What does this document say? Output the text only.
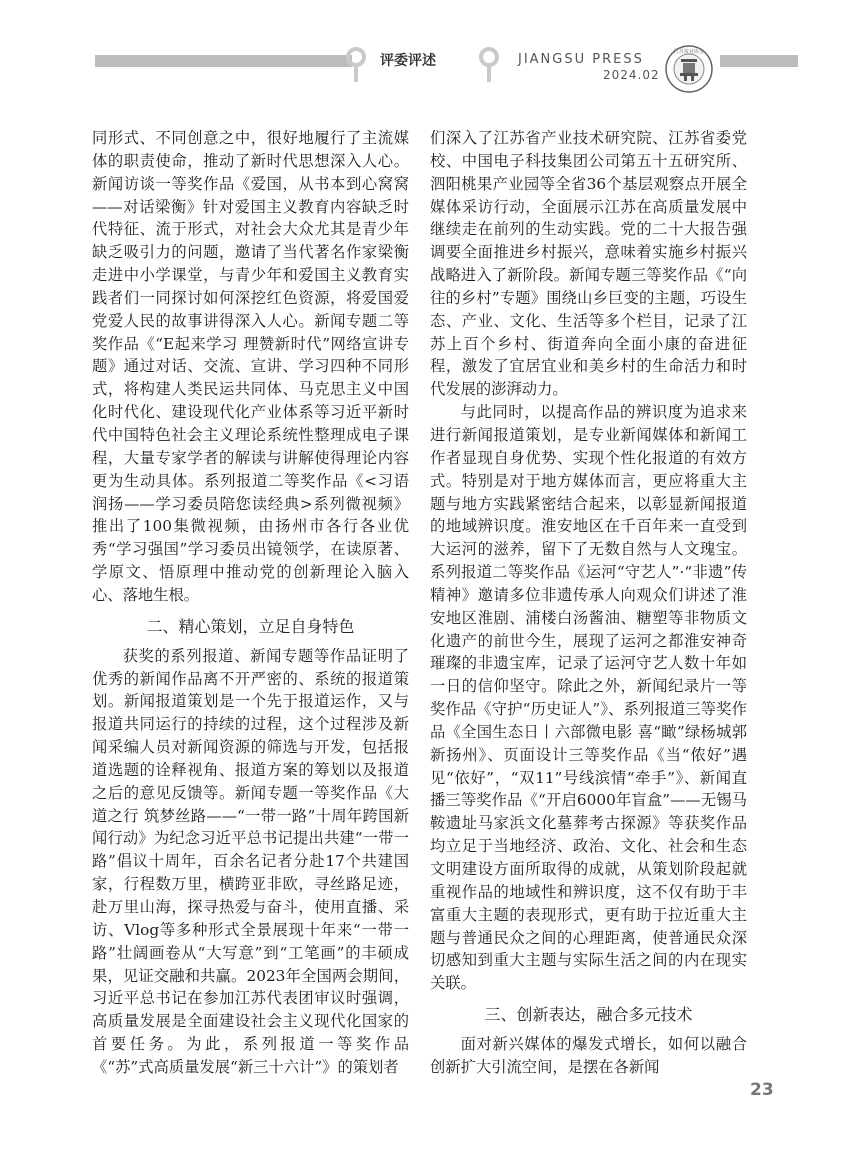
评委评述	JIANGSU PRESS
2024.02
江苏报业协会

同形式、不同创意之中，很好地履行了主流媒体的职责使命，推动了新时代思想深入人心。新闻访谈一等奖作品《爱国，从书本到心窝窝——对话梁衡》针对爱国主义教育内容缺乏时代特征、流于形式，对社会大众尤其是青少年缺乏吸引力的问题，邀请了当代著名作家梁衡走进中小学课堂，与青少年和爱国主义教育实践者们一同探讨如何深挖红色资源，将爱国爱党爱人民的故事讲得深入人心。新闻专题二等奖作品《“E起来学习 理赞新时代”网络宣讲专题》通过对话、交流、宣讲、学习四种不同形式，将构建人类民运共同体、马克思主义中国化时代化、建设现代化产业体系等习近平新时代中国特色社会主义理论系统性整理成电子课程，大量专家学者的解读与讲解使得理论内容更为生动具体。系列报道二等奖作品《<习语润扬——学习委员陪您读经典>系列微视频》推出了100集微视频，由扬州市各行各业优秀“学习强国”学习委员出镜领学，在读原著、学原文、悟原理中推动党的创新理论入脑入心、落地生根。

二、精心策划，立足自身特色

获奖的系列报道、新闻专题等作品证明了优秀的新闻作品离不开严密的、系统的报道策划。新闻报道策划是一个先于报道运作，又与报道共同运行的持续的过程，这个过程涉及新闻采编人员对新闻资源的筛选与开发，包括报道选题的诠释视角、报道方案的筹划以及报道之后的意见反馈等。新闻专题一等奖作品《大道之行 筑梦丝路——“一带一路”十周年跨国新闻行动》为纪念习近平总书记提出共建“一带一路”倡议十周年，百余名记者分赴17个共建国家，行程数万里，横跨亚非欧，寻丝路足迹，赴万里山海，探寻热爱与奋斗，使用直播、采访、Vlog等多种形式全景展现十年来“一带一路”壮阔画卷从“大写意”到“工笔画”的丰硕成果，见证交融和共赢。2023年全国两会期间，习近平总书记在参加江苏代表团审议时强调，高质量发展是全面建设社会主义现代化国家的首要任务。为此，系列报道一等奖作品《“苏”式高质量发展“新三十六计”》的策划者

们深入了江苏省产业技术研究院、江苏省委党校、中国电子科技集团公司第五十五研究所、泗阳桃果产业园等全省36个基层观察点开展全媒体采访行动，全面展示江苏在高质量发展中继续走在前列的生动实践。党的二十大报告强调要全面推进乡村振兴，意味着实施乡村振兴战略进入了新阶段。新闻专题三等奖作品《“向往的乡村”专题》围绕山乡巨变的主题，巧设生态、产业、文化、生活等多个栏目，记录了江苏上百个乡村、街道奔向全面小康的奋进征程，激发了宜居宜业和美乡村的生命活力和时代发展的澎湃动力。

与此同时，以提高作品的辨识度为追求来进行新闻报道策划，是专业新闻媒体和新闻工作者显现自身优势、实现个性化报道的有效方式。特别是对于地方媒体而言，更应将重大主题与地方实践紧密结合起来，以彰显新闻报道的地域辨识度。淮安地区在千百年来一直受到大运河的滋养，留下了无数自然与人文瑰宝。系列报道二等奖作品《运河“守艺人”·“非遗”传精神》邀请多位非遗传承人向观众们讲述了淮安地区淮剧、浦楼白汤酱油、糖塑等非物质文化遗产的前世今生，展现了运河之都淮安神奇璀璨的非遗宝库，记录了运河守艺人数十年如一日的信仰坚守。除此之外，新闻纪录片一等奖作品《守护“历史证人”》、系列报道三等奖作品《全国生态日丨六部微电影 喜“瞰”绿杨城郭新扬州》、页面设计三等奖作品《当“侬好”遇见“依好”，“双11”号线滨情“牵手”》、新闻直播三等奖作品《“开启6000年盲盒”——无锡马鞍遗址马家浜文化墓葬考古探源》等获奖作品均立足于当地经济、政治、文化、社会和生态文明建设方面所取得的成就，从策划阶段起就重视作品的地域性和辨识度，这不仅有助于丰富重大主题的表现形式，更有助于拉近重大主题与普通民众之间的心理距离，使普通民众深切感知到重大主题与实际生活之间的内在现实关联。

三、创新表达，融合多元技术

面对新兴媒体的爆发式增长，如何以融合创新扩大引流空间，是摆在各新闻

23
